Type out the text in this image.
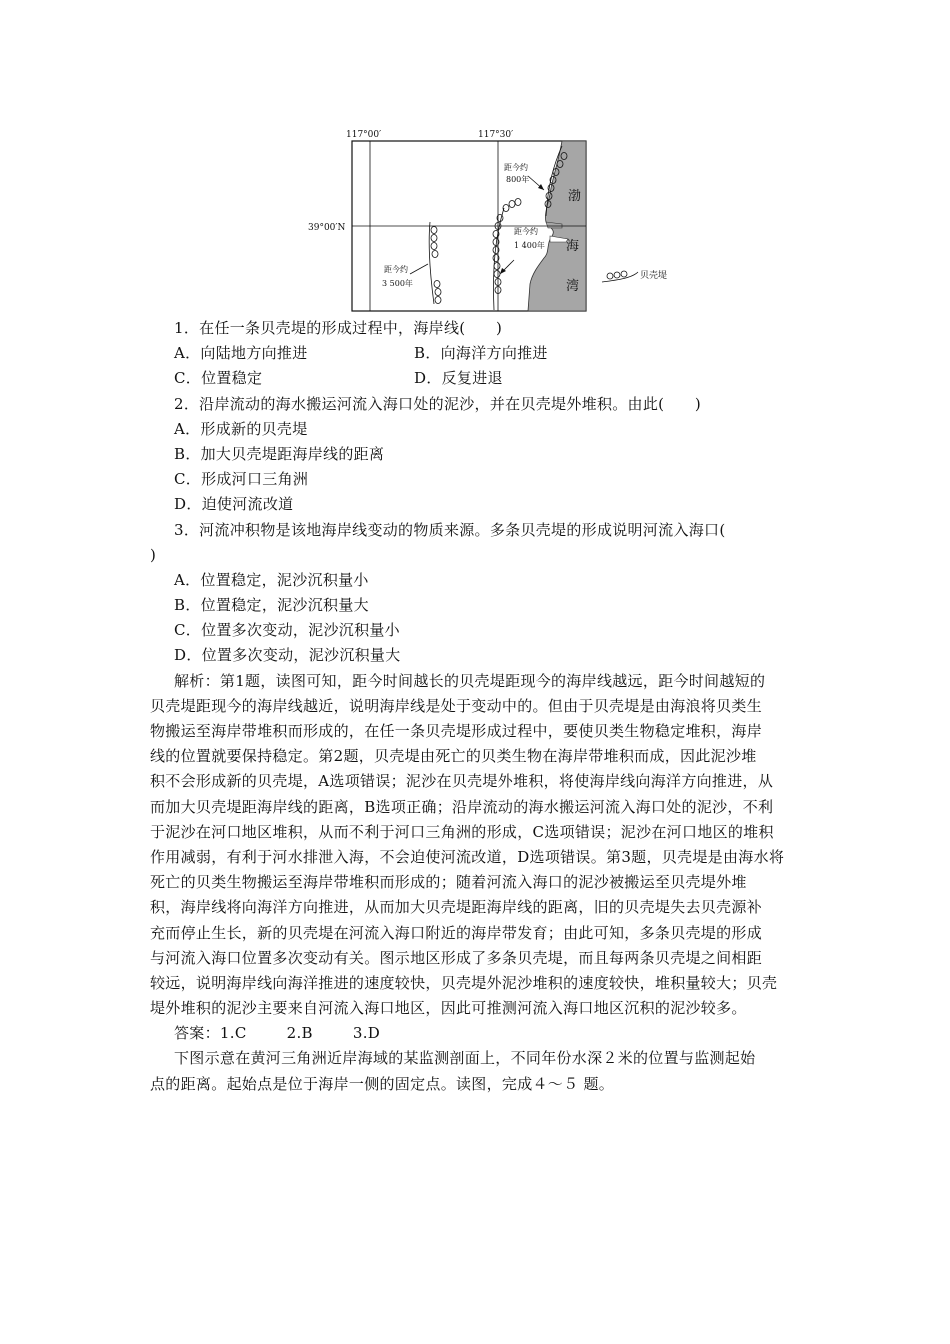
117°00′	117°30′
39°00′N
距今约
800年
距今约
1 400年
距今约
3 500年
渤
海
湾
贝壳堤
1．在任一条贝壳堤的形成过程中，海岸线(　　)
A．向陆地方向推进	B．向海洋方向推进
C．位置稳定	D．反复进退
2．沿岸流动的海水搬运河流入海口处的泥沙，并在贝壳堤外堆积。由此(　　)
A．形成新的贝壳堤
B．加大贝壳堤距海岸线的距离
C．形成河口三角洲
D．迫使河流改道
3．河流冲积物是该地海岸线变动的物质来源。多条贝壳堤的形成说明河流入海口(
)
A．位置稳定，泥沙沉积量小
B．位置稳定，泥沙沉积量大
C．位置多次变动，泥沙沉积量小
D．位置多次变动，泥沙沉积量大
解析：第1题，读图可知，距今时间越长的贝壳堤距现今的海岸线越远，距今时间越短的
贝壳堤距现今的海岸线越近，说明海岸线是处于变动中的。但由于贝壳堤是由海浪将贝类生
物搬运至海岸带堆积而形成的，在任一条贝壳堤形成过程中，要使贝类生物稳定堆积，海岸
线的位置就要保持稳定。第2题，贝壳堤由死亡的贝类生物在海岸带堆积而成，因此泥沙堆
积不会形成新的贝壳堤，A选项错误；泥沙在贝壳堤外堆积，将使海岸线向海洋方向推进，从
而加大贝壳堤距海岸线的距离，B选项正确；沿岸流动的海水搬运河流入海口处的泥沙，不利
于泥沙在河口地区堆积，从而不利于河口三角洲的形成，C选项错误；泥沙在河口地区的堆积
作用减弱，有利于河水排泄入海，不会迫使河流改道，D选项错误。第3题，贝壳堤是由海水将
死亡的贝类生物搬运至海岸带堆积而形成的；随着河流入海口的泥沙被搬运至贝壳堤外堆
积，海岸线将向海洋方向推进，从而加大贝壳堤距海岸线的距离，旧的贝壳堤失去贝壳源补
充而停止生长，新的贝壳堤在河流入海口附近的海岸带发育；由此可知，多条贝壳堤的形成
与河流入海口位置多次变动有关。图示地区形成了多条贝壳堤，而且每两条贝壳堤之间相距
较远，说明海岸线向海洋推进的速度较快，贝壳堤外泥沙堆积的速度较快，堆积量较大；贝壳
堤外堆积的泥沙主要来自河流入海口地区，因此可推测河流入海口地区沉积的泥沙较多。
答案：1.C	2.B	3.D
下图示意在黄河三角洲近岸海域的某监测剖面上，不同年份水深２米的位置与监测起始
点的距离。起始点是位于海岸一侧的固定点。读图，完成４～５ 题。
